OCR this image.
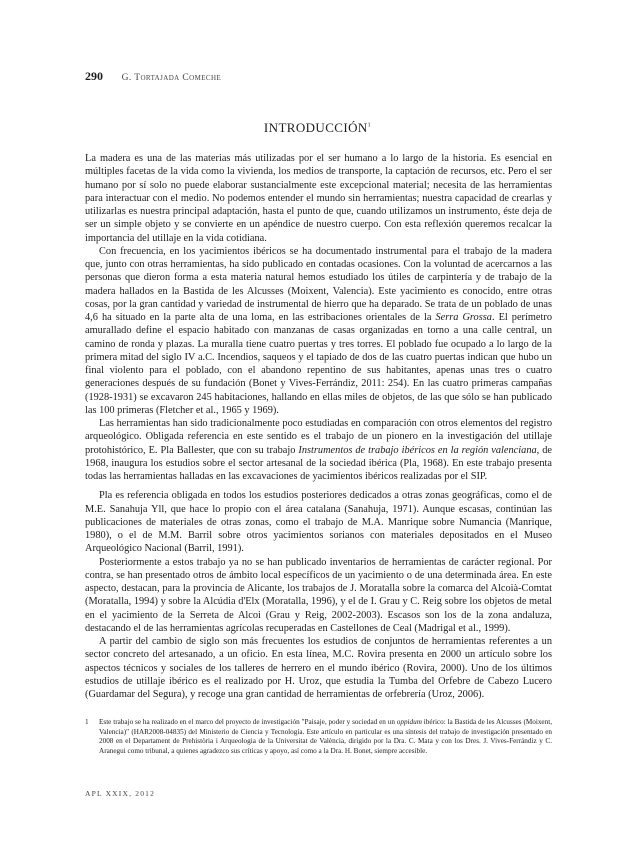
290 G. Tortajada Comeche
INTRODUCCIÓN$^1$

La madera es una de las materias más utilizadas por el ser humano a lo largo de la historia. Es esencial en múltiples facetas de la vida como la vivienda, los medios de transporte, la captación de recursos, etc. Pero el ser humano por sí solo no puede elaborar sustancialmente este excepcional material; necesita de las herramientas para interactuar con el medio. No podemos entender el mundo sin herramientas; nuestra capacidad de crearlas y utilizarlas es nuestra principal adaptación, hasta el punto de que, cuando utilizamos un instrumento, éste deja de ser un simple objeto y se convierte en un apéndice de nuestro cuerpo. Con esta reflexión queremos recalcar la importancia del utillaje en la vida cotidiana.

Con frecuencia, en los yacimientos ibéricos se ha documentado instrumental para el trabajo de la madera que, junto con otras herramientas, ha sido publicado en contadas ocasiones. Con la voluntad de acercarnos a las personas que dieron forma a esta materia natural hemos estudiado los útiles de carpintería y de trabajo de la madera hallados en la Bastida de les Alcusses (Moixent, Valencia). Este yacimiento es conocido, entre otras cosas, por la gran cantidad y variedad de instrumental de hierro que ha deparado. Se trata de un poblado de unas 4,6 ha situado en la parte alta de una loma, en las estribaciones orientales de la Serra Grossa. El perímetro amurallado define el espacio habitado con manzanas de casas organizadas en torno a una calle central, un camino de ronda y plazas. La muralla tiene cuatro puertas y tres torres. El poblado fue ocupado a lo largo de la primera mitad del siglo IV a.C. Incendios, saqueos y el tapiado de dos de las cuatro puertas indican que hubo un final violento para el poblado, con el abandono repentino de sus habitantes, apenas unas tres o cuatro generaciones después de su fundación (Bonet y Vives-Ferrándiz, 2011: 254). En las cuatro primeras campañas (1928-1931) se excavaron 245 habitaciones, hallando en ellas miles de objetos, de las que sólo se han publicado las 100 primeras (Fletcher et al., 1965 y 1969).

Las herramientas han sido tradicionalmente poco estudiadas en comparación con otros elementos del registro arqueológico. Obligada referencia en este sentido es el trabajo de un pionero en la investigación del utillaje protohistórico, E. Pla Ballester, que con su trabajo Instrumentos de trabajo ibéricos en la región valenciana, de 1968, inaugura los estudios sobre el sector artesanal de la sociedad ibérica (Pla, 1968). En este trabajo presenta todas las herramientas halladas en las excavaciones de yacimientos ibéricos realizadas por el SIP.

Pla es referencia obligada en todos los estudios posteriores dedicados a otras zonas geográficas, como el de M.E. Sanahuja Yll, que hace lo propio con el área catalana (Sanahuja, 1971). Aunque escasas, continúan las publicaciones de materiales de otras zonas, como el trabajo de M.A. Manrique sobre Numancia (Manrique, 1980), o el de M.M. Barril sobre otros yacimientos sorianos con materiales depositados en el Museo Arqueológico Nacional (Barril, 1991).

Posteriormente a estos trabajo ya no se han publicado inventarios de herramientas de carácter regional. Por contra, se han presentado otros de ámbito local específicos de un yacimiento o de una determinada área. En este aspecto, destacan, para la provincia de Alicante, los trabajos de J. Moratalla sobre la comarca del Alcoià-Comtat (Moratalla, 1994) y sobre la Alcúdia d'Elx (Moratalla, 1996), y el de I. Grau y C. Reig sobre los objetos de metal en el yacimiento de la Serreta de Alcoi (Grau y Reig, 2002-2003). Escasos son los de la zona andaluza, destacando el de las herramientas agrícolas recuperadas en Castellones de Ceal (Madrigal et al., 1999).

A partir del cambio de siglo son más frecuentes los estudios de conjuntos de herramientas referentes a un sector concreto del artesanado, a un oficio. En esta línea, M.C. Rovira presenta en 2000 un artículo sobre los aspectos técnicos y sociales de los talleres de herrero en el mundo ibérico (Rovira, 2000). Uno de los últimos estudios de utillaje ibérico es el realizado por H. Uroz, que estudia la Tumba del Orfebre de Cabezo Lucero (Guardamar del Segura), y recoge una gran cantidad de herramientas de orfebrería (Uroz, 2006).

1 Este trabajo se ha realizado en el marco del proyecto de investigación "Paisaje, poder y sociedad en un oppidum ibérico: la Bastida de les Alcusses (Moixent, Valencia)" (HAR2008-04835) del Ministerio de Ciencia y Tecnología. Este artículo en particular es una síntesis del trabajo de investigación presentado en 2008 en el Departament de Prehistòria i Arqueologia de la Universitat de València, dirigido por la Dra. C. Mata y con los Dres. J. Vives-Ferrándiz y C. Aranegui como tribunal, a quienes agradezco sus críticas y apoyo, así como a la Dra. H. Bonet, siempre accesible.
APL XXIX, 2012
